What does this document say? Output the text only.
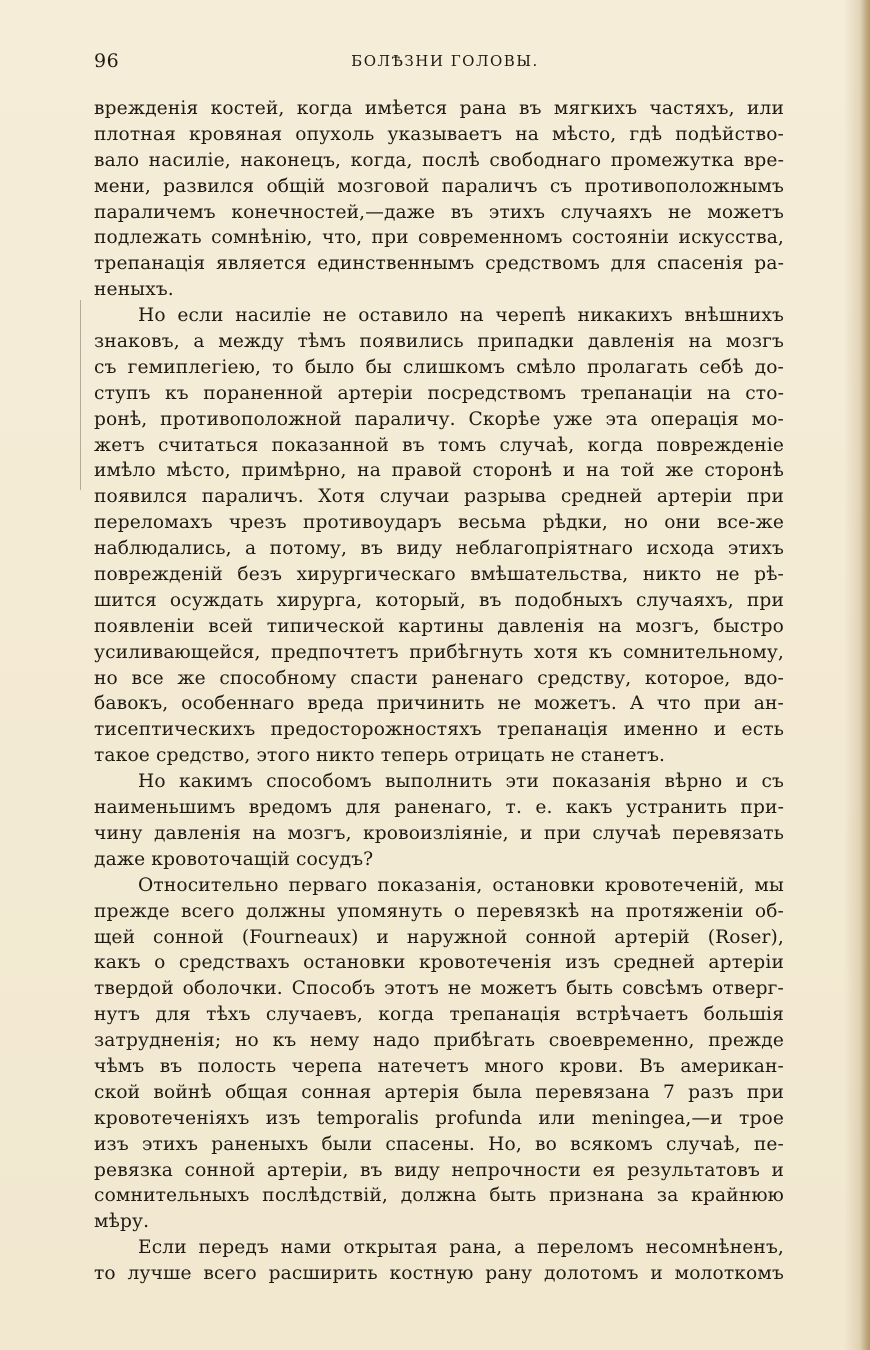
96	БОЛѢЗНИ ГОЛОВЫ.
врежденія костей, когда имѣется рана въ мягкихъ частяхъ, или
плотная кровяная опухоль указываетъ на мѣсто, гдѣ подѣйство-
вало насиліе, наконецъ, когда, послѣ свободнаго промежутка вре-
мени, развился общій мозговой параличъ съ противоположнымъ
параличемъ конечностей,—даже въ этихъ случаяхъ не можетъ
подлежать сомнѣнію, что, при современномъ состояніи искусства,
трепанація является единственнымъ средствомъ для спасенія ра-
неныхъ.
Но если насиліе не оставило на черепѣ никакихъ внѣшнихъ
знаковъ, а между тѣмъ появились припадки давленія на мозгъ
съ гемиплегіею, то было бы слишкомъ смѣло пролагать себѣ до-
ступъ къ пораненной артеріи посредствомъ трепанаціи на сто-
ронѣ, противоположной параличу. Скорѣе уже эта операція мо-
жетъ считаться показанной въ томъ случаѣ, когда поврежденіе
имѣло мѣсто, примѣрно, на правой сторонѣ и на той же сторонѣ
появился параличъ. Хотя случаи разрыва средней артеріи при
переломахъ чрезъ противоударъ весьма рѣдки, но они все-же
наблюдались, а потому, въ виду неблагопріятнаго исхода этихъ
поврежденій безъ хирургическаго вмѣшательства, никто не рѣ-
шится осуждать хирурга, который, въ подобныхъ случаяхъ, при
появленіи всей типической картины давленія на мозгъ, быстро
усиливающейся, предпочтетъ прибѣгнуть хотя къ сомнительному,
но все же способному спасти раненаго средству, которое, вдо-
бавокъ, особеннаго вреда причинить не можетъ. А что при ан-
тисептическихъ предосторожностяхъ трепанація именно и есть
такое средство, этого никто теперь отрицать не станетъ.
Но какимъ способомъ выполнить эти показанія вѣрно и съ
наименьшимъ вредомъ для раненаго, т. е. какъ устранить при-
чину давленія на мозгъ, кровоизліяніе, и при случаѣ перевязать
даже кровоточащій сосудъ?
Относительно перваго показанія, остановки кровотеченій, мы
прежде всего должны упомянуть о перевязкѣ на протяженіи об-
щей сонной (Fourneaux) и наружной сонной артерій (Roser),
какъ о средствахъ остановки кровотеченія изъ средней артеріи
твердой оболочки. Способъ этотъ не можетъ быть совсѣмъ отверг-
нутъ для тѣхъ случаевъ, когда трепанація встрѣчаетъ большія
затрудненія; но къ нему надо прибѣгать своевременно, прежде
чѣмъ въ полость черепа натечетъ много крови. Въ американ-
ской войнѣ общая сонная артерія была перевязана 7 разъ при
кровотеченіяхъ изъ temporalis profunda или meningea,—и трое
изъ этихъ раненыхъ были спасены. Но, во всякомъ случаѣ, пе-
ревязка сонной артеріи, въ виду непрочности ея результатовъ и
сомнительныхъ послѣдствій, должна быть признана за крайнюю
мѣру.
Если передъ нами открытая рана, а переломъ несомнѣненъ,
то лучше всего расширить костную рану долотомъ и молоткомъ
